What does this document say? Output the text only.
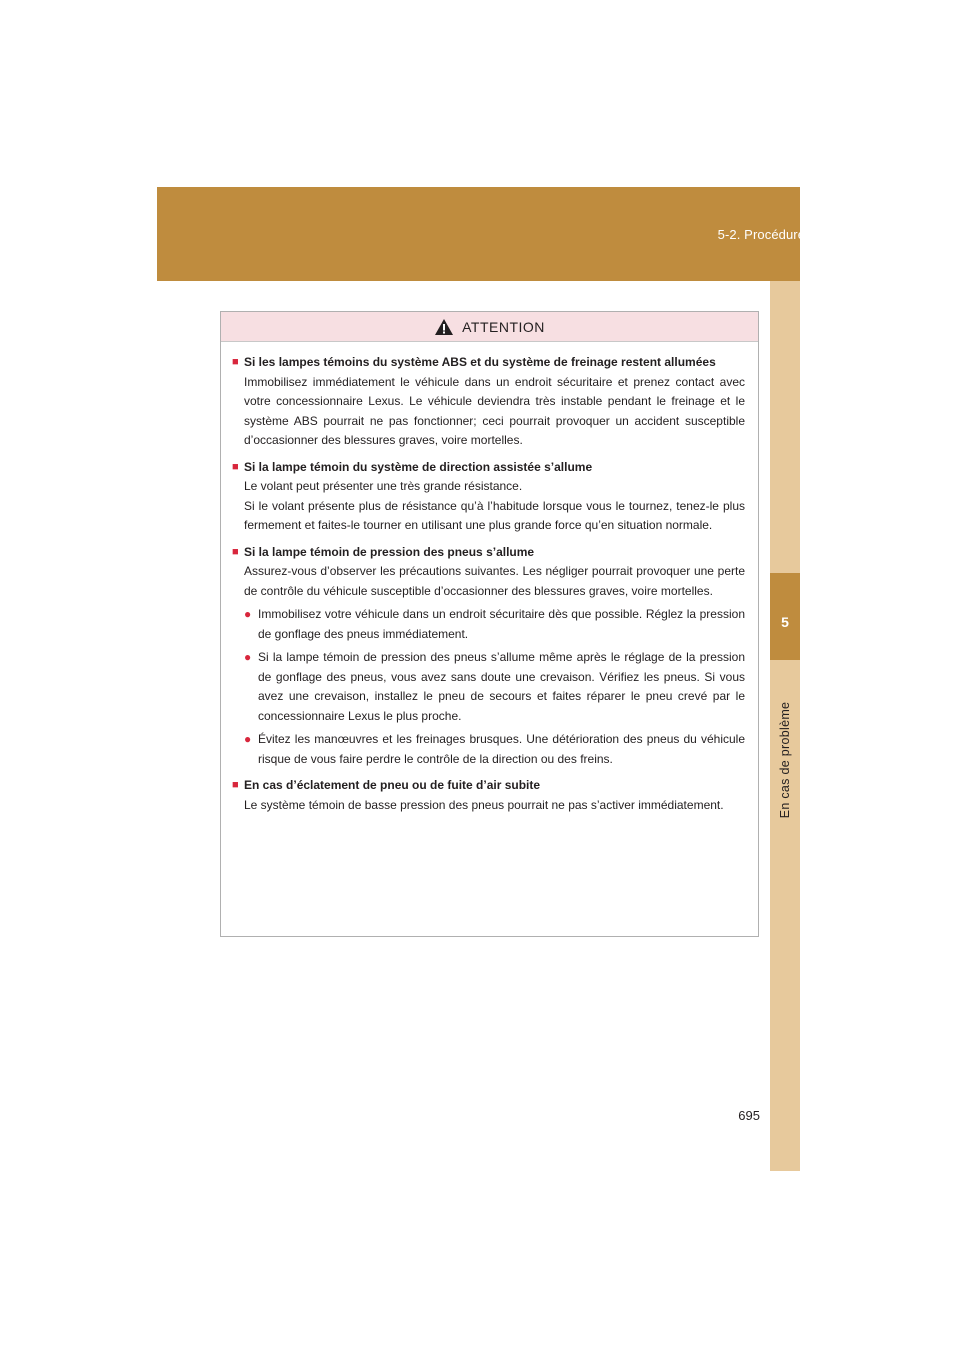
5-2. Procédures en cas d’urgence
5
En cas de problème
ATTENTION
■ Si les lampes témoins du système ABS et du système de freinage restent allumées

Immobilisez immédiatement le véhicule dans un endroit sécuritaire et prenez contact avec votre concessionnaire Lexus. Le véhicule deviendra très instable pendant le freinage et le système ABS pourrait ne pas fonctionner; ceci pourrait provoquer un accident susceptible d’occasionner des blessures graves, voire mortelles.

■ Si la lampe témoin du système de direction assistée s’allume

Le volant peut présenter une très grande résistance.

Si le volant présente plus de résistance qu’à l’habitude lorsque vous le tournez, tenez-le plus fermement et faites-le tourner en utilisant une plus grande force qu’en situation normale.

■ Si la lampe témoin de pression des pneus s’allume

Assurez-vous d’observer les précautions suivantes. Les négliger pourrait provoquer une perte de contrôle du véhicule susceptible d’occasionner des blessures graves, voire mortelles.

● Immobilisez votre véhicule dans un endroit sécuritaire dès que possible. Réglez la pression de gonflage des pneus immédiatement.
● Si la lampe témoin de pression des pneus s’allume même après le réglage de la pression de gonflage des pneus, vous avez sans doute une crevaison. Vérifiez les pneus. Si vous avez une crevaison, installez le pneu de secours et faites réparer le pneu crevé par le concessionnaire Lexus le plus proche.
● Évitez les manœuvres et les freinages brusques. Une détérioration des pneus du véhicule risque de vous faire perdre le contrôle de la direction ou des freins.
■ En cas d’éclatement de pneu ou de fuite d’air subite

Le système témoin de basse pression des pneus pourrait ne pas s’activer immédiatement.

695
